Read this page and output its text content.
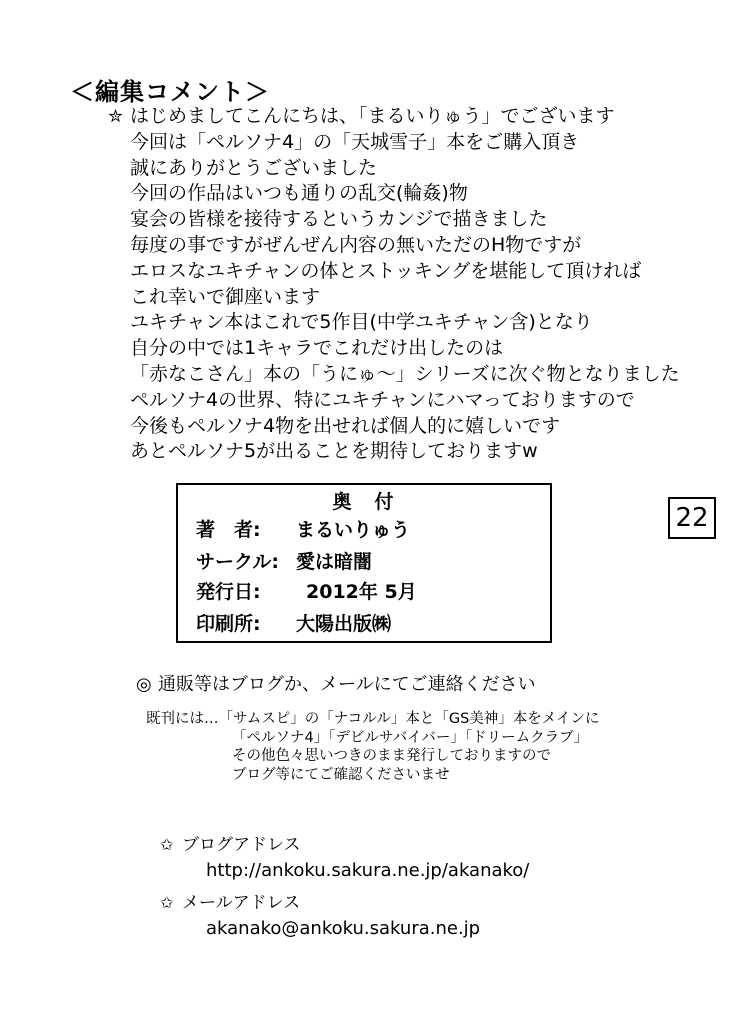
＜編集コメント＞
✮ はじめましてこんにちは、「まるいりゅう」でございます
今回は「ペルソナ4」の「天城雪子」本をご購入頂き
誠にありがとうございました
今回の作品はいつも通りの乱交(輪姦)物
宴会の皆様を接待するというカンジで描きました
毎度の事ですがぜんぜん内容の無いただのH物ですが
エロスなユキチャンの体とストッキングを堪能して頂ければ
これ幸いで御座います
ユキチャン本はこれで5作目(中学ユキチャン含)となり
自分の中では1キャラでこれだけ出したのは
「赤なこさん」本の「うにゅ～」シリーズに次ぐ物となりました
ペルソナ4の世界、特にユキチャンにハマっておりますので
今後もペルソナ4物を出せれば個人的に嬉しいです
あとペルソナ5が出ることを期待しておりますw
奥　付
著　者: まるいりゅう
サークル: 愛は暗闇
発行日: 2012年 5月
印刷所: 大陽出版㈱
22
◎ 通販等はブログか、メールにてご連絡ください
既刊には…「サムスピ」の「ナコルル」本と「GS美神」本をメインに
「ペルソナ4」「デビルサバイバー」「ドリームクラブ」
その他色々思いつきのまま発行しておりますので
ブログ等にてご確認くださいませ
✩ ブログアドレス
http://ankoku.sakura.ne.jp/akanako/
✩ メールアドレス
akanako@ankoku.sakura.ne.jp
